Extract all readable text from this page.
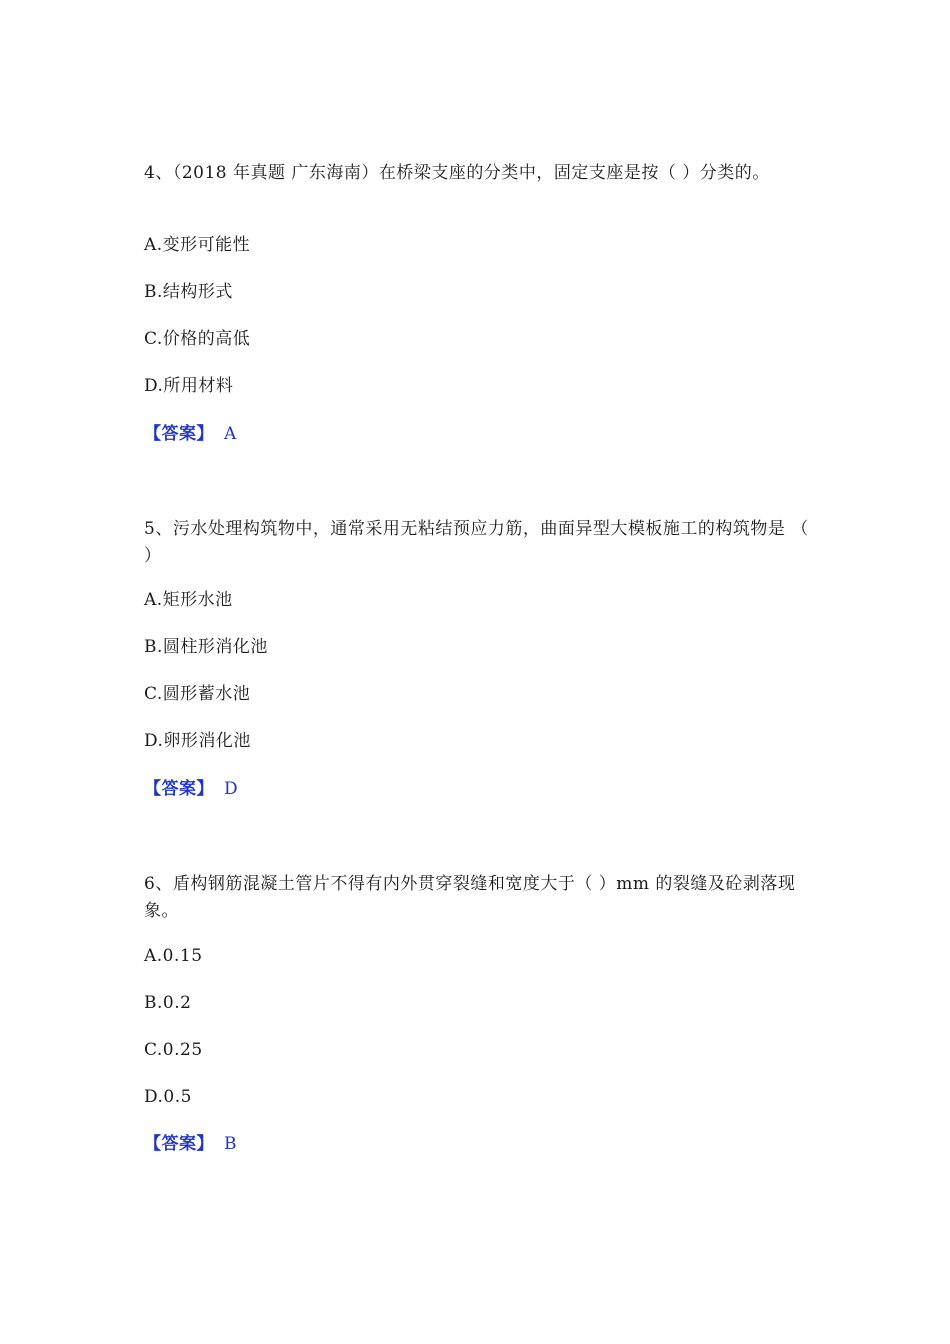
4、（2018 年真题 广东海南）在桥梁支座的分类中，固定支座是按（ ）分类的。

A.变形可能性

B.结构形式

C.价格的高低

D.所用材料

【答案】 A

5、污水处理构筑物中，通常采用无粘结预应力筋，曲面异型大模板施工的构筑物是 （ ）

A.矩形水池

B.圆柱形消化池

C.圆形蓄水池

D.卵形消化池

【答案】 D

6、盾构钢筋混凝土管片不得有内外贯穿裂缝和宽度大于（ ）mm 的裂缝及砼剥落现象。

A.0.15

B.0.2

C.0.25

D.0.5

【答案】 B
